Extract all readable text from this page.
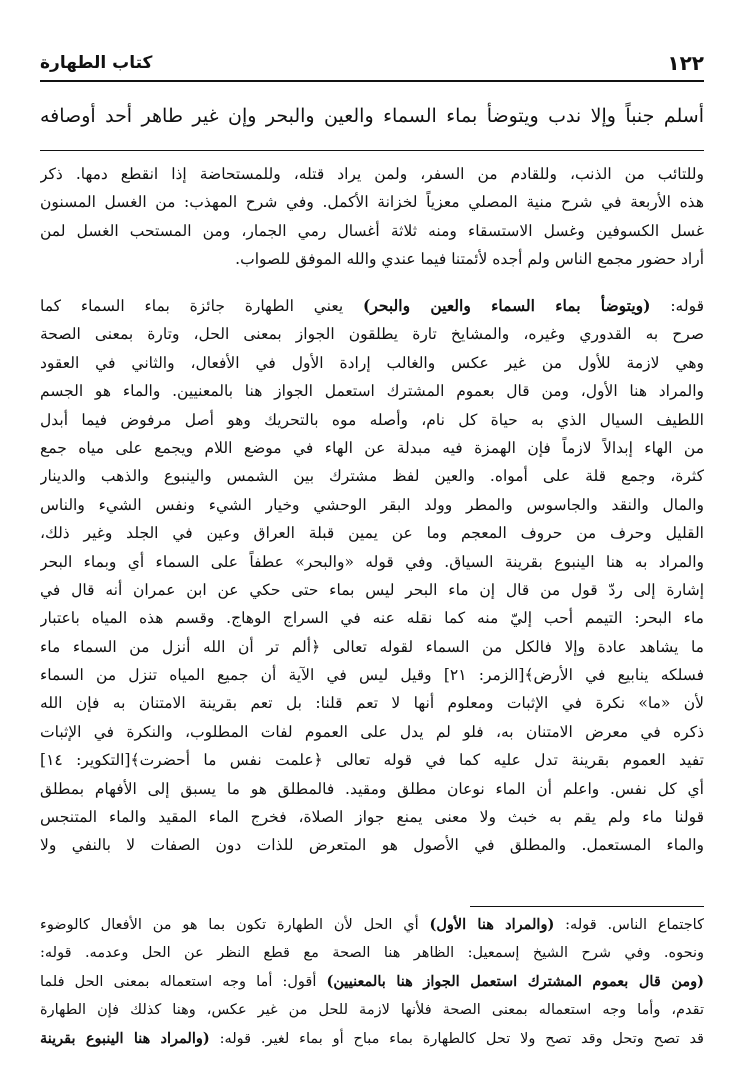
١٢٢
كتاب الطهارة
أسلم جنباً وإلا ندب ويتوضأ بماء السماء والعين والبحر وإن غير طاهر أحد أوصافه
وللتائب من الذنب، وللقادم من السفر، ولمن يراد قتله، وللمستحاضة إذا انقطع دمها. ذكر
هذه الأربعة في شرح منية المصلي معزياً لخزانة الأكمل. وفي شرح المهذب: من الغسل المسنون
غسل الكسوفين وغسل الاستسقاء ومنه ثلاثة أغسال رمي الجمار، ومن المستحب الغسل لمن
أراد حضور مجمع الناس ولم أجده لأئمتنا فيما عندي والله الموفق للصواب.
قوله: (ويتوضأ بماء السماء والعين والبحر) يعني الطهارة جائزة بماء السماء كما
صرح به القدوري وغيره، والمشايخ تارة يطلقون الجواز بمعنى الحل، وتارة بمعنى الصحة
وهي لازمة للأول من غير عكس والغالب إرادة الأول في الأفعال، والثاني في العقود
والمراد هنا الأول، ومن قال بعموم المشترك استعمل الجواز هنا بالمعنيين. والماء هو الجسم
اللطيف السيال الذي به حياة كل نام، وأصله موه بالتحريك وهو أصل مرفوض فيما أبدل
من الهاء إبدالاً لازماً فإن الهمزة فيه مبدلة عن الهاء في موضع اللام ويجمع على مياه جمع
كثرة، وجمع قلة على أمواه. والعين لفظ مشترك بين الشمس والينبوع والذهب والدينار
والمال والنقد والجاسوس والمطر وولد البقر الوحشي وخيار الشيء ونفس الشيء والناس
القليل وحرف من حروف المعجم وما عن يمين قبلة العراق وعين في الجلد وغير ذلك،
والمراد به هنا الينبوع بقرينة السياق. وفي قوله «والبحر» عطفاً على السماء أي وبماء البحر
إشارة إلى ردّ قول من قال إن ماء البحر ليس بماء حتى حكي عن ابن عمران أنه قال في
ماء البحر: التيمم أحب إليّ منه كما نقله عنه في السراج الوهاج. وقسم هذه المياه باعتبار
ما يشاهد عادة وإلا فالكل من السماء لقوله تعالى ﴿ألم تر أن الله أنزل من السماء ماء
فسلكه ينابيع في الأرض﴾[الزمر: ٢١] وقيل ليس في الآية أن جميع المياه تنزل من السماء
لأن «ما» نكرة في الإثبات ومعلوم أنها لا تعم قلنا: بل تعم بقرينة الامتنان به فإن الله
ذكره في معرض الامتنان به، فلو لم يدل على العموم لفات المطلوب، والنكرة في الإثبات
تفيد العموم بقرينة تدل عليه كما في قوله تعالى ﴿علمت نفس ما أحضرت﴾[التكوير: ١٤]
أي كل نفس. واعلم أن الماء نوعان مطلق ومقيد. فالمطلق هو ما يسبق إلى الأفهام بمطلق
قولنا ماء ولم يقم به خبث ولا معنى يمنع جواز الصلاة، فخرج الماء المقيد والماء المتنجس
والماء المستعمل. والمطلق في الأصول هو المتعرض للذات دون الصفات لا بالنفي ولا
كاجتماع الناس. قوله: (والمراد هنا الأول) أي الحل لأن الطهارة تكون بما هو من الأفعال كالوضوء
ونحوه. وفي شرح الشيخ إسمعيل: الظاهر هنا الصحة مع قطع النظر عن الحل وعدمه. قوله:
(ومن قال بعموم المشترك استعمل الجواز هنا بالمعنيين) أقول: أما وجه استعماله بمعنى الحل فلما
تقدم، وأما وجه استعماله بمعنى الصحة فلأنها لازمة للحل من غير عكس، وهنا كذلك فإن الطهارة
قد تصح وتحل وقد تصح ولا تحل كالطهارة بماء مباح أو بماء لغير. قوله: (والمراد هنا الينبوع بقرينة
